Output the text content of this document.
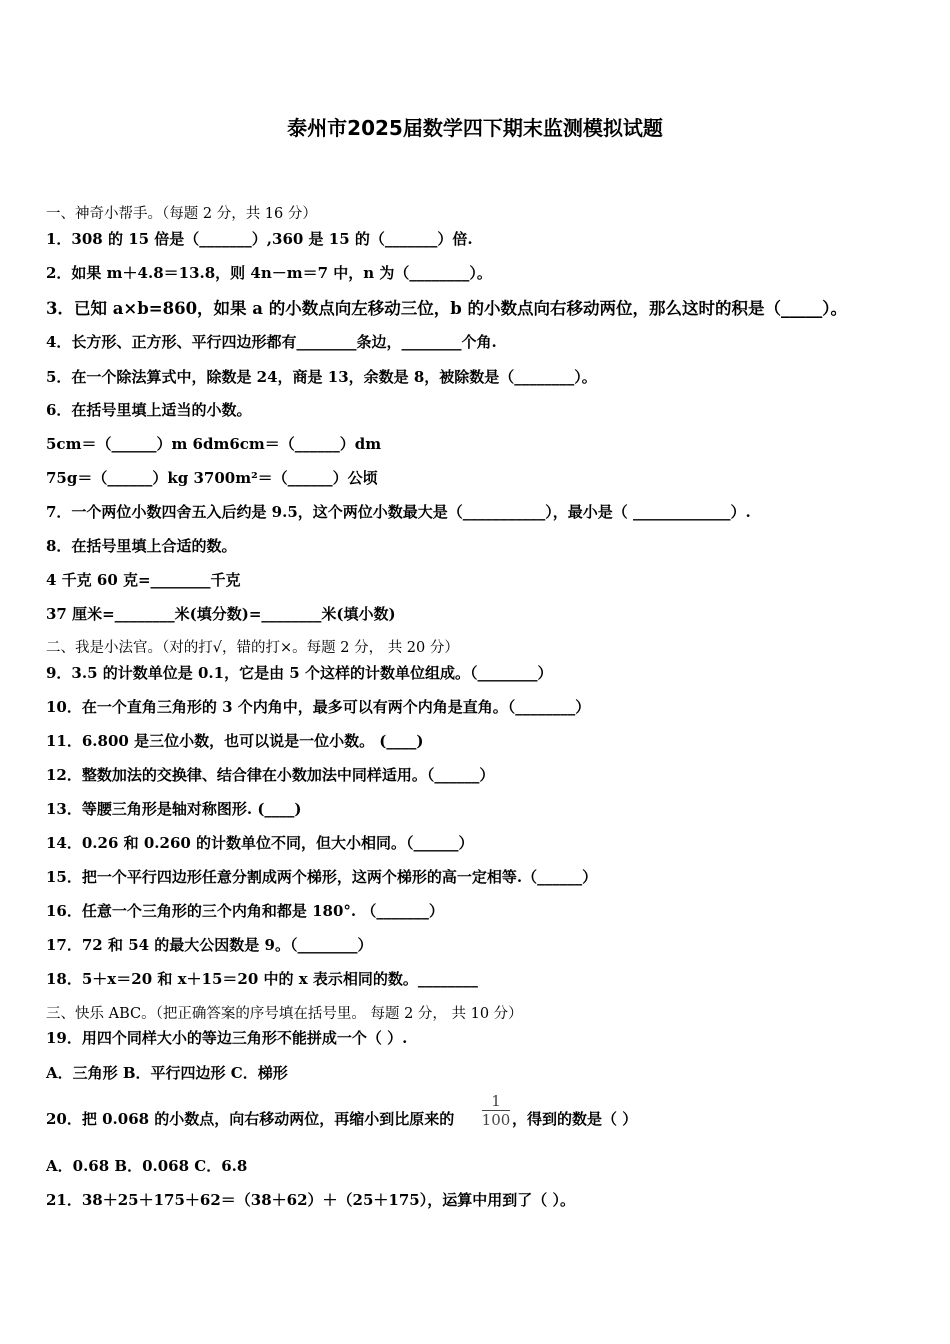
泰州市2025届数学四下期末监测模拟试题
一、神奇小帮手。（每题 2 分，共 16 分）
1．308 的 15 倍是（_______）,360 是 15 的（_______）倍.
2．如果 m＋4.8＝13.8，则 4n－m＝7 中，n 为（________）。
3．已知 a×b=860，如果 a 的小数点向左移动三位，b 的小数点向右移动两位，那么这时的积是（_____）。
4．长方形、正方形、平行四边形都有________条边，________个角.
5．在一个除法算式中，除数是 24，商是 13，余数是 8，被除数是（________）。
6．在括号里填上适当的小数。
5cm＝（______）m 6dm6cm＝（______）dm
75g＝（______）kg 3700m²＝（______）公顷
7．一个两位小数四舍五入后约是 9.5，这个两位小数最大是（___________），最小是（ _____________）.
8．在括号里填上合适的数。
4 千克 60 克=________千克
37 厘米=________米(填分数)=________米(填小数)
二、我是小法官。（对的打√，错的打×。每题 2 分， 共 20 分）
9．3.5 的计数单位是 0.1，它是由 5 个这样的计数单位组成。（________）
10．在一个直角三角形的 3 个内角中，最多可以有两个内角是直角。（________）
11．6.800 是三位小数，也可以说是一位小数。 (____)
12．整数加法的交换律、结合律在小数加法中同样适用。（______）
13．等腰三角形是轴对称图形. (____)
14．0.26 和 0.260 的计数单位不同，但大小相同。（______）
15．把一个平行四边形任意分割成两个梯形，这两个梯形的高一定相等.（______）
16．任意一个三角形的三个内角和都是 180°. （_______）
17．72 和 54 的最大公因数是 9。（________）
18．5＋x＝20 和 x＋15＝20 中的 x 表示相同的数。________
三、快乐 ABC。（把正确答案的序号填在括号里。 每题 2 分， 共 10 分）
19．用四个同样大小的等边三角形不能拼成一个（ ）.
A．三角形 B．平行四边形 C．梯形
20．把 0.068 的小数点，向右移动两位，再缩小到比原来的
1
100 ，得到的数是（ ）
A．0.68 B．0.068 C．6.8
21．38＋25＋175＋62＝（38＋62）＋（25＋175），运算中用到了（ ）。
